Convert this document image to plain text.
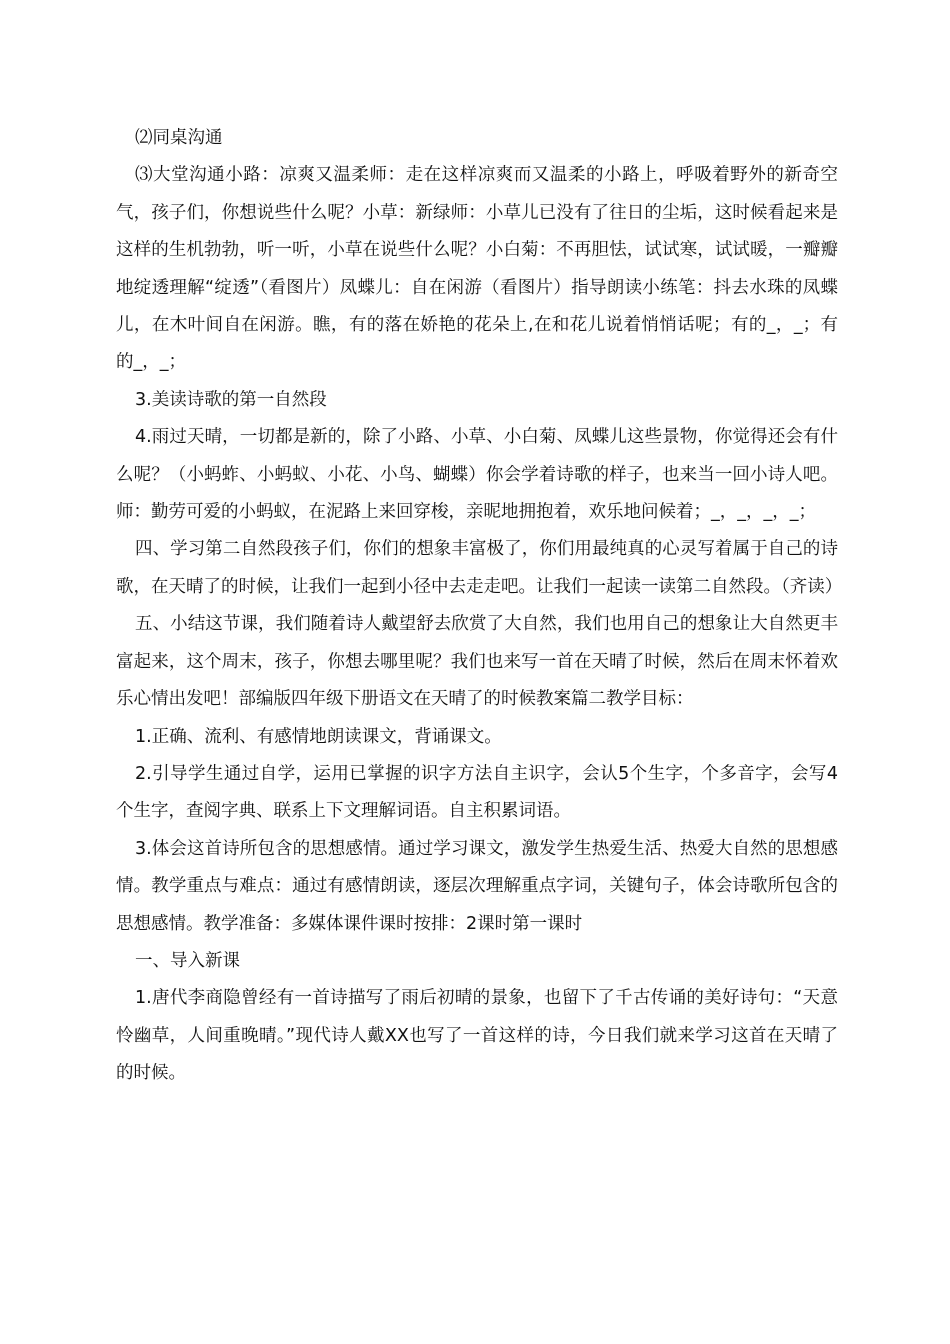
⑵同桌沟通

⑶大堂沟通小路：凉爽又温柔师：走在这样凉爽而又温柔的小路上，呼吸着野外的新奇空气，孩子们，你想说些什么呢？小草：新绿师：小草儿已没有了往日的尘垢，这时候看起来是这样的生机勃勃，听一听，小草在说些什么呢？小白菊：不再胆怯，试试寒，试试暖，一瓣瓣地绽透理解“绽透”（看图片）凤蝶儿：自在闲游（看图片）指导朗读小练笔：抖去水珠的凤蝶儿，在木叶间自在闲游。瞧，有的落在娇艳的花朵上,在和花儿说着悄悄话呢；有的_，_；有的_，_；

3.美读诗歌的第一自然段

4.雨过天晴，一切都是新的，除了小路、小草、小白菊、凤蝶儿这些景物，你觉得还会有什么呢？（小蚂蚱、小蚂蚁、小花、小鸟、蝴蝶）你会学着诗歌的样子，也来当一回小诗人吧。师：勤劳可爱的小蚂蚁，在泥路上来回穿梭，亲昵地拥抱着，欢乐地问候着；_，_，_，_；

四、学习第二自然段孩子们，你们的想象丰富极了，你们用最纯真的心灵写着属于自己的诗歌，在天晴了的时候，让我们一起到小径中去走走吧。让我们一起读一读第二自然段。（齐读）

五、小结这节课，我们随着诗人戴望舒去欣赏了大自然，我们也用自己的想象让大自然更丰富起来，这个周末，孩子，你想去哪里呢？我们也来写一首在天晴了时候，然后在周末怀着欢乐心情出发吧！部编版四年级下册语文在天晴了的时候教案篇二教学目标：

1.正确、流利、有感情地朗读课文，背诵课文。

2.引导学生通过自学，运用已掌握的识字方法自主识字，会认5个生字，个多音字，会写4个生字，查阅字典、联系上下文理解词语。自主积累词语。

3.体会这首诗所包含的思想感情。通过学习课文，激发学生热爱生活、热爱大自然的思想感情。教学重点与难点：通过有感情朗读，逐层次理解重点字词，关键句子，体会诗歌所包含的思想感情。教学准备：多媒体课件课时按排：2课时第一课时

一、导入新课

1.唐代李商隐曾经有一首诗描写了雨后初晴的景象，也留下了千古传诵的美好诗句：“天意怜幽草，人间重晚晴。”现代诗人戴XX也写了一首这样的诗，今日我们就来学习这首在天晴了的时候。
